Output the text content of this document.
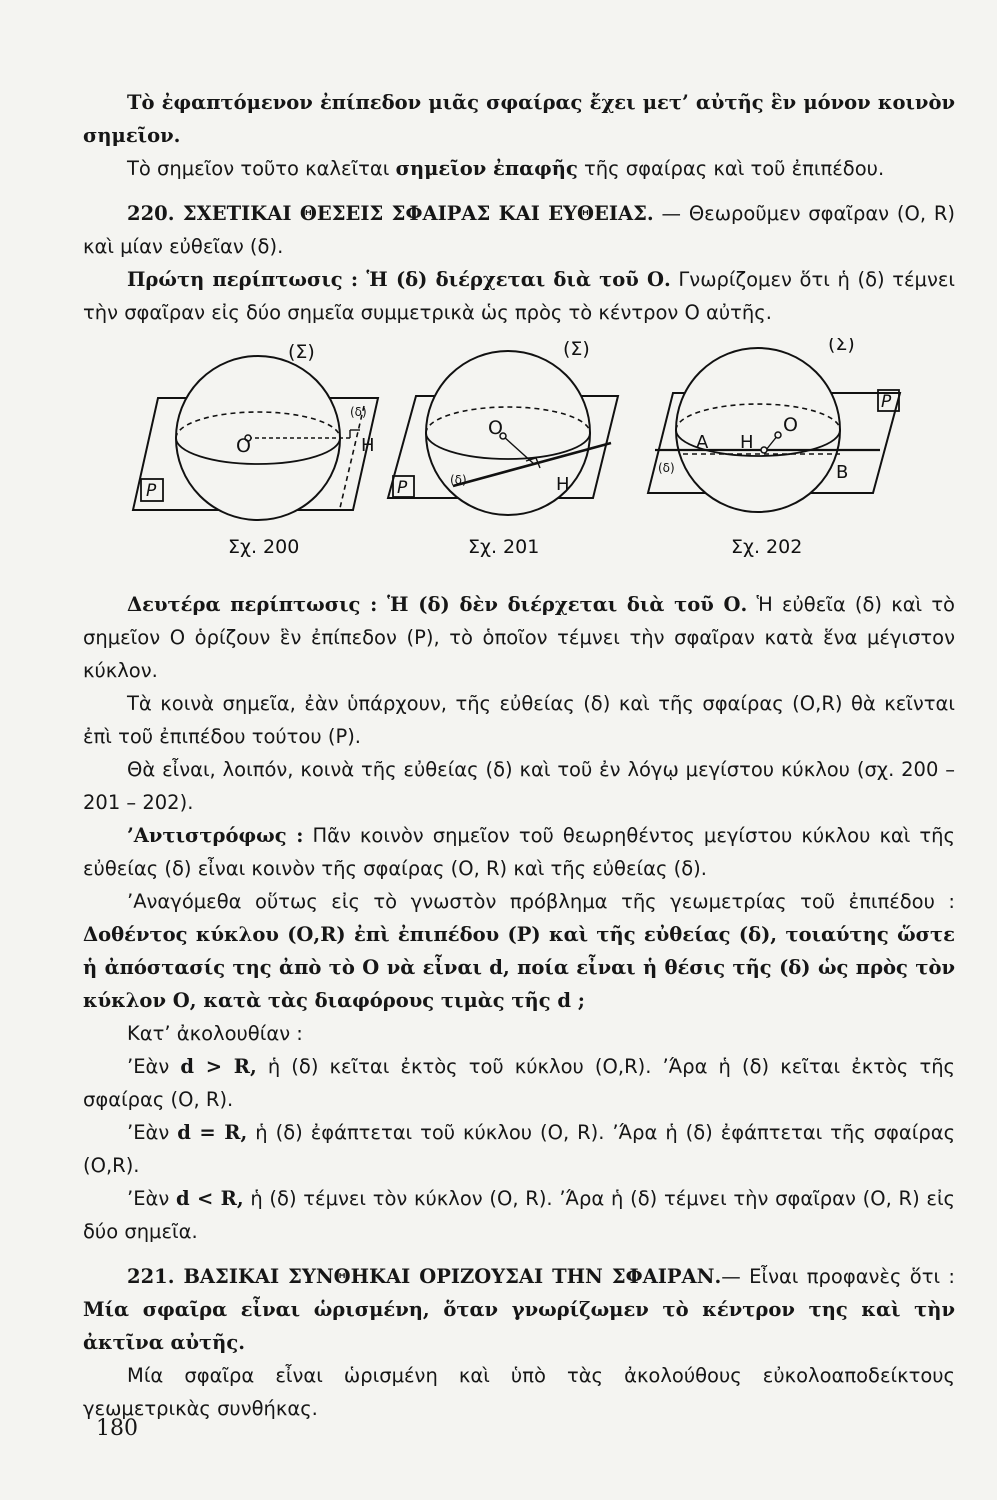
Τὸ ἐφαπτόμενον ἐπίπεδον μιᾶς σφαίρας ἔχει μετ’ αὐτῆς ἓν μόνον κοινὸν σημεῖον.

Τὸ σημεῖον τοῦτο καλεῖται σημεῖον ἐπαφῆς τῆς σφαίρας καὶ τοῦ ἐπιπέδου.

220. ΣΧΕΤΙΚΑΙ ΘΕΣΕΙΣ ΣΦΑΙΡΑΣ ΚΑΙ ΕΥΘΕΙΑΣ. — Θεωροῦμεν σφαῖραν (Ο, R) καὶ μίαν εὐθεῖαν (δ).

Πρώτη περίπτωσις : Ἡ (δ) διέρχεται διὰ τοῦ Ο. Γνωρίζομεν ὅτι ἡ (δ) τέμνει τὴν σφαῖραν εἰς δύο σημεῖα συμμετρικὰ ὡς πρὸς τὸ κέντρον Ο αὐτῆς.

O	H
(δ)
(Σ)
P
Σχ. 200
O
H
(δ)
(Σ)
P
Σχ. 201
O
H
A
B
(δ)
(Σ)
P
Σχ. 202

Δευτέρα περίπτωσις : Ἡ (δ) δὲν διέρχεται διὰ τοῦ Ο. Ἡ εὐθεῖα (δ) καὶ τὸ σημεῖον Ο ὁρίζουν ἓν ἐπίπεδον (P), τὸ ὁποῖον τέμνει τὴν σφαῖραν κατὰ ἕνα μέγιστον κύκλον.

Τὰ κοινὰ σημεῖα, ἐὰν ὑπάρχουν, τῆς εὐθείας (δ) καὶ τῆς σφαίρας (Ο,R) θὰ κεῖνται ἐπὶ τοῦ ἐπιπέδου τούτου (P).

Θὰ εἶναι, λοιπόν, κοινὰ τῆς εὐθείας (δ) καὶ τοῦ ἐν λόγῳ μεγίστου κύκλου (σχ. 200 – 201 – 202).

’Αντιστρόφως : Πᾶν κοινὸν σημεῖον τοῦ θεωρηθέντος μεγίστου κύκλου καὶ τῆς εὐθείας (δ) εἶναι κοινὸν τῆς σφαίρας (Ο, R) καὶ τῆς εὐθείας (δ).

’Αναγόμεθα οὕτως εἰς τὸ γνωστὸν πρόβλημα τῆς γεωμετρίας τοῦ ἐπιπέδου : Δοθέντος κύκλου (Ο,R) ἐπὶ ἐπιπέδου (P) καὶ τῆς εὐθείας (δ), τοιαύτης ὥστε ἡ ἀπόστασίς της ἀπὸ τὸ Ο νὰ εἶναι d, ποία εἶναι ἡ θέσις τῆς (δ) ὡς πρὸς τὸν κύκλον Ο, κατὰ τὰς διαφόρους τιμὰς τῆς d ;

Κατ’ ἀκολουθίαν :

’Εὰν d > R, ἡ (δ) κεῖται ἐκτὸς τοῦ κύκλου (Ο,R). ’Άρα ἡ (δ) κεῖται ἐκτὸς τῆς σφαίρας (Ο, R).

’Εὰν d = R, ἡ (δ) ἐφάπτεται τοῦ κύκλου (Ο, R). ’Άρα ἡ (δ) ἐφάπτεται τῆς σφαίρας (Ο,R).

’Εὰν d < R, ἡ (δ) τέμνει τὸν κύκλον (Ο, R). ’Άρα ἡ (δ) τέμνει τὴν σφαῖραν (Ο, R) εἰς δύο σημεῖα.

221. ΒΑΣΙΚΑΙ ΣΥΝΘΗΚΑΙ ΟΡΙΖΟΥΣΑΙ ΤΗΝ ΣΦΑΙΡΑΝ.— Εἶναι προφανὲς ὅτι : Μία σφαῖρα εἶναι ὡρισμένη, ὅταν γνωρίζωμεν τὸ κέντρον της καὶ τὴν ἀκτῖνα αὐτῆς.

Μία σφαῖρα εἶναι ὡρισμένη καὶ ὑπὸ τὰς ἀκολούθους εὐκολοαποδείκτους γεωμετρικὰς συνθήκας.

180
